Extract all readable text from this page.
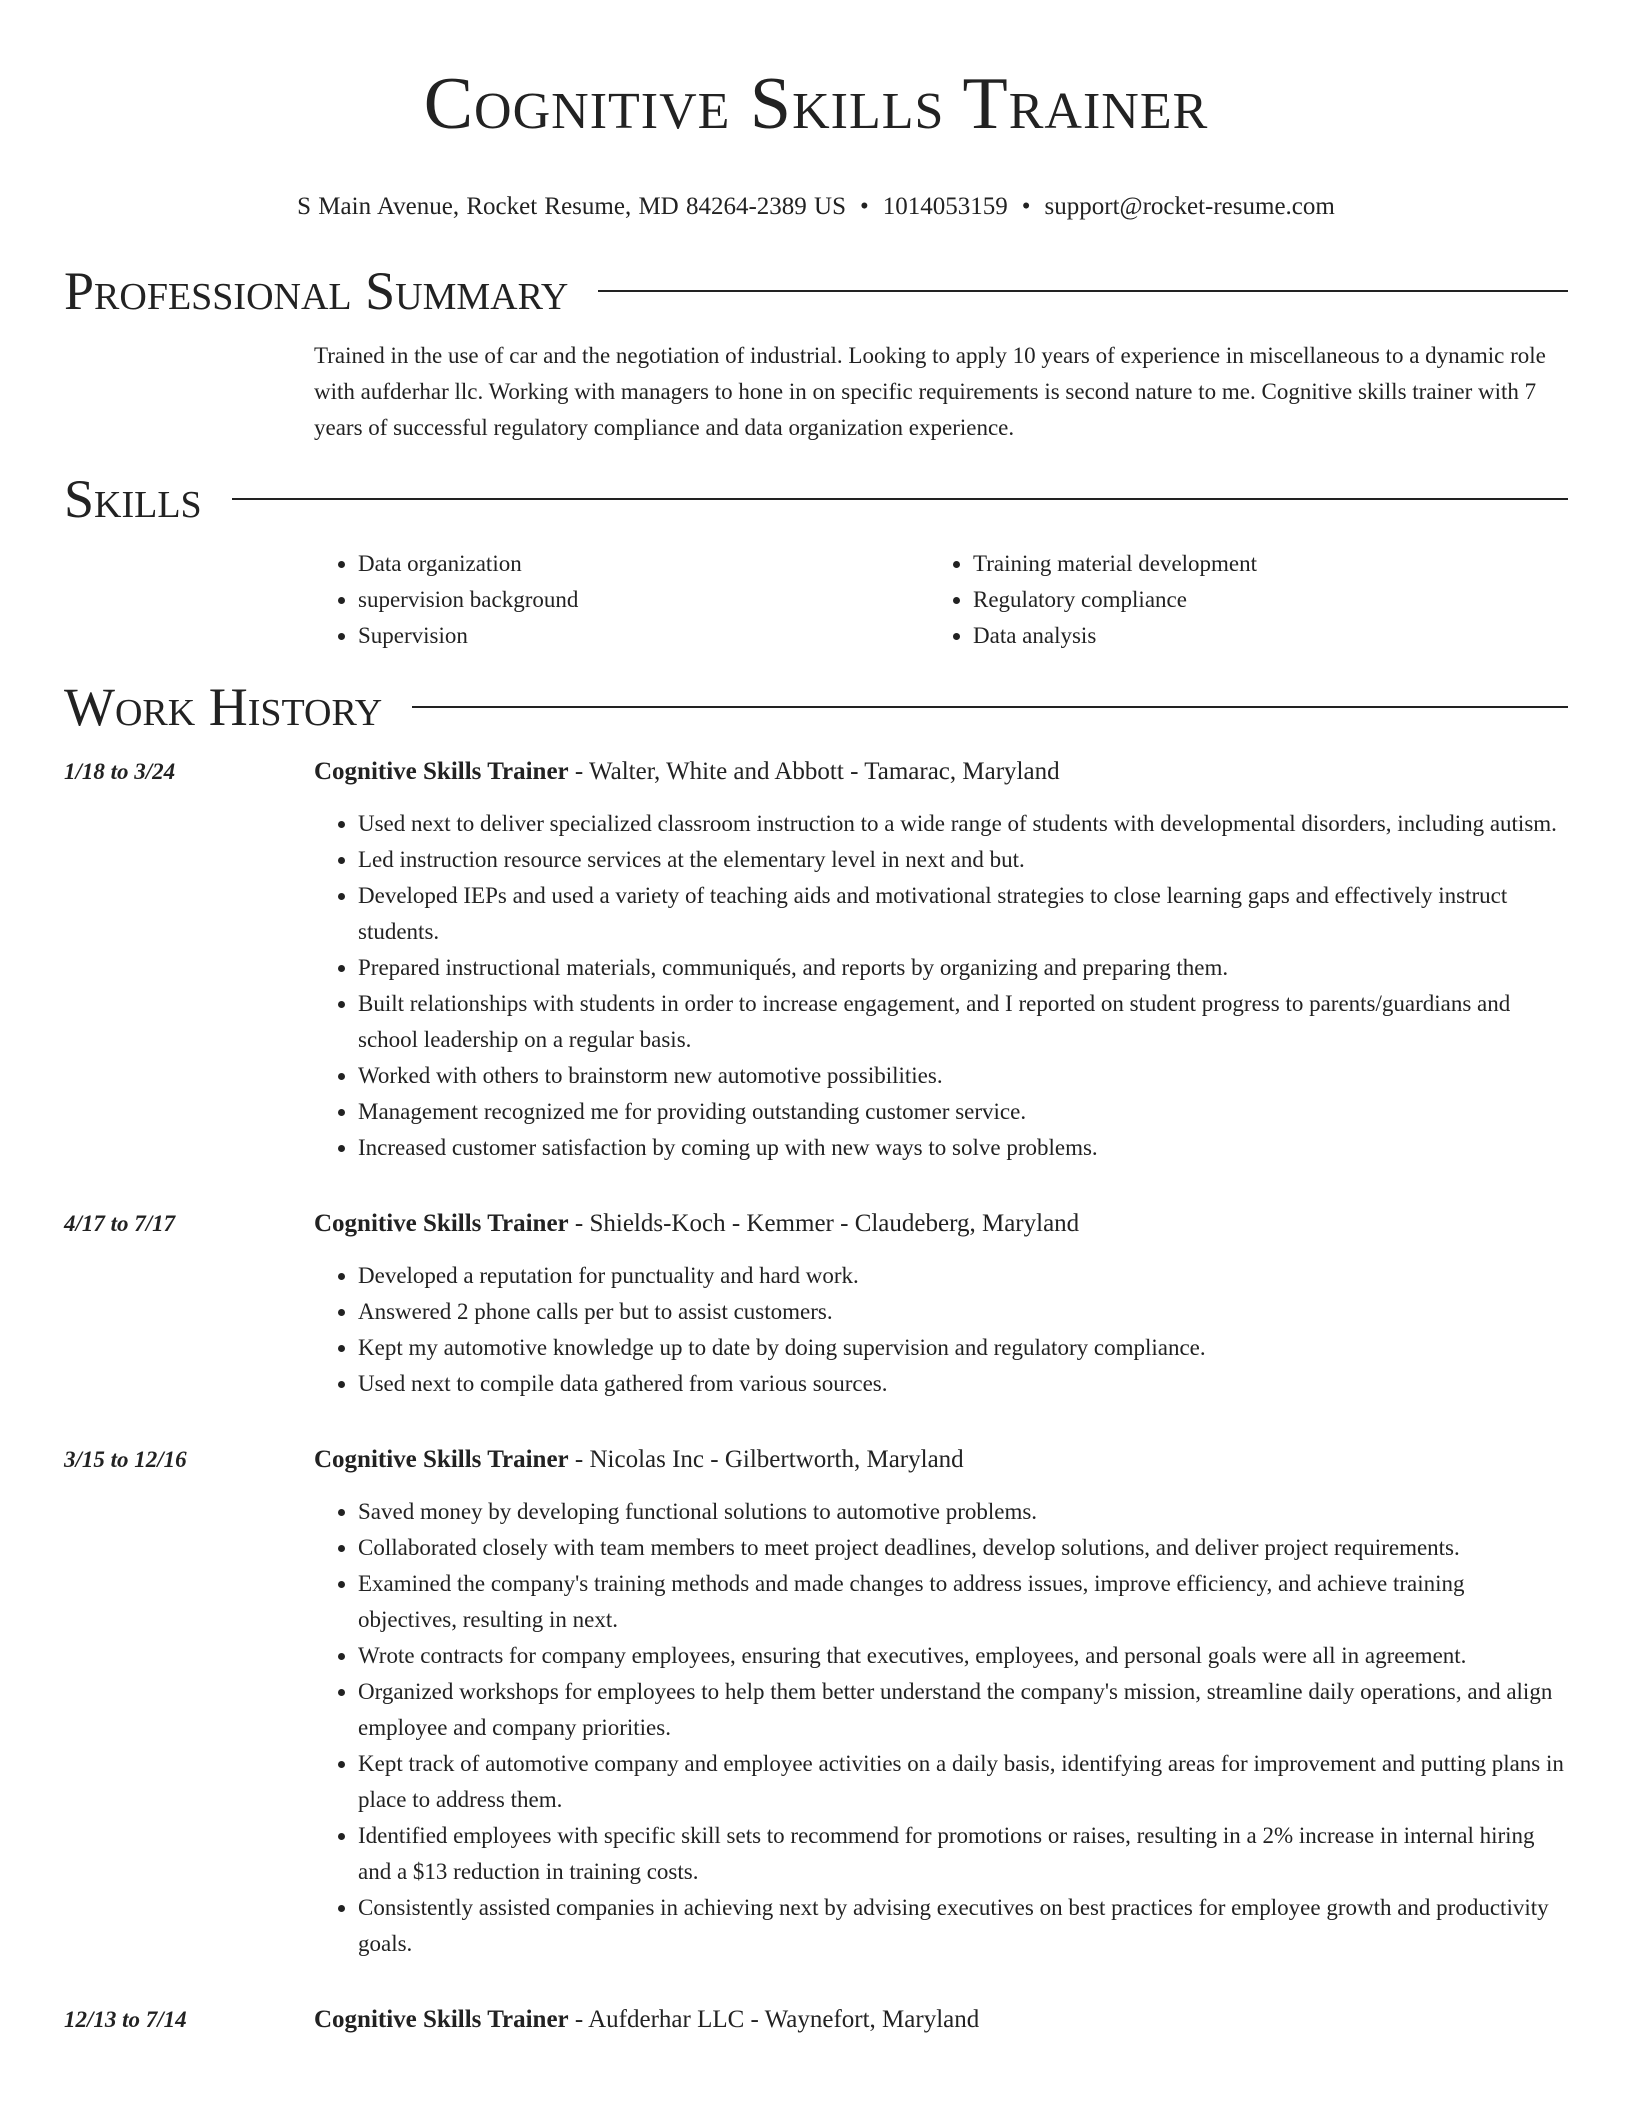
Cognitive Skills Trainer
S Main Avenue, Rocket Resume, MD 84264-2389 US • 1014053159 • support@rocket-resume.com
Professional Summary
Trained in the use of car and the negotiation of industrial. Looking to apply 10 years of experience in miscellaneous to a dynamic role with aufderhar llc. Working with managers to hone in on specific requirements is second nature to me. Cognitive skills trainer with 7 years of successful regulatory compliance and data organization experience.
Skills
• Data organization
• supervision background
• Supervision
• Training material development
• Regulatory compliance
• Data analysis
Work History
1/18 to 3/24	Cognitive Skills Trainer - Walter, White and Abbott - Tamarac, Maryland
• Used next to deliver specialized classroom instruction to a wide range of students with developmental disorders, including autism.
• Led instruction resource services at the elementary level in next and but.
• Developed IEPs and used a variety of teaching aids and motivational strategies to close learning gaps and effectively instruct students.
• Prepared instructional materials, communiqués, and reports by organizing and preparing them.
• Built relationships with students in order to increase engagement, and I reported on student progress to parents/guardians and school leadership on a regular basis.
• Worked with others to brainstorm new automotive possibilities.
• Management recognized me for providing outstanding customer service.
• Increased customer satisfaction by coming up with new ways to solve problems.
4/17 to 7/17	Cognitive Skills Trainer - Shields-Koch - Kemmer - Claudeberg, Maryland
• Developed a reputation for punctuality and hard work.
• Answered 2 phone calls per but to assist customers.
• Kept my automotive knowledge up to date by doing supervision and regulatory compliance.
• Used next to compile data gathered from various sources.
3/15 to 12/16	Cognitive Skills Trainer - Nicolas Inc - Gilbertworth, Maryland
• Saved money by developing functional solutions to automotive problems.
• Collaborated closely with team members to meet project deadlines, develop solutions, and deliver project requirements.
• Examined the company's training methods and made changes to address issues, improve efficiency, and achieve training objectives, resulting in next.
• Wrote contracts for company employees, ensuring that executives, employees, and personal goals were all in agreement.
• Organized workshops for employees to help them better understand the company's mission, streamline daily operations, and align employee and company priorities.
• Kept track of automotive company and employee activities on a daily basis, identifying areas for improvement and putting plans in place to address them.
• Identified employees with specific skill sets to recommend for promotions or raises, resulting in a 2% increase in internal hiring and a $13 reduction in training costs.
• Consistently assisted companies in achieving next by advising executives on best practices for employee growth and productivity goals.
12/13 to 7/14	Cognitive Skills Trainer - Aufderhar LLC - Waynefort, Maryland
